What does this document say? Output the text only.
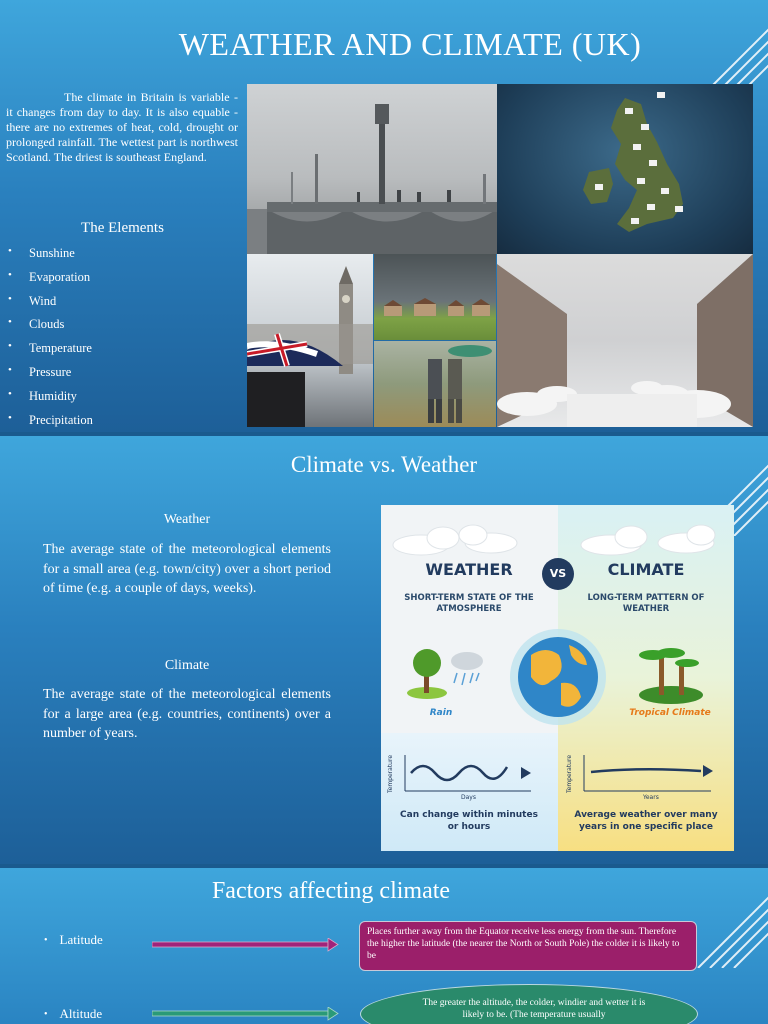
WEATHER AND CLIMATE (UK)

The climate in Britain is variable - it changes from day to day. It is also equable - there are no extremes of heat, cold, drought or prolonged rainfall. The wettest part is northwest Scotland. The driest is southeast England.

The Elements
• Sunshine
• Evaporation
• Wind
• Clouds
• Temperature
• Pressure
• Humidity
• Precipitation
Climate vs. Weather
Weather

The average state of the meteorological elements for a small area (e.g. town/city) over a short period of time (e.g. a couple of days, weeks).

Climate

The average state of the meteorological elements for a large area (e.g. countries, continents) over a number of years.

WEATHER	VS	CLIMATE
SHORT-TERM STATE OF THE ATMOSPHERE
LONG-TERM PATTERN OF WEATHER
Rain	Tropical Climate
Temperature	Temperature
Days	Years
Can change within minutes or hours
Average weather over many years in one specific place
Factors affecting climate
• Latitude	Places further away from the Equator receive less energy from the sun. Therefore the higher the latitude (the nearer the North or South Pole) the colder it is likely to be
• Altitude
The greater the altitude, the colder, windier and wetter it is likely to be. (The temperature usually
